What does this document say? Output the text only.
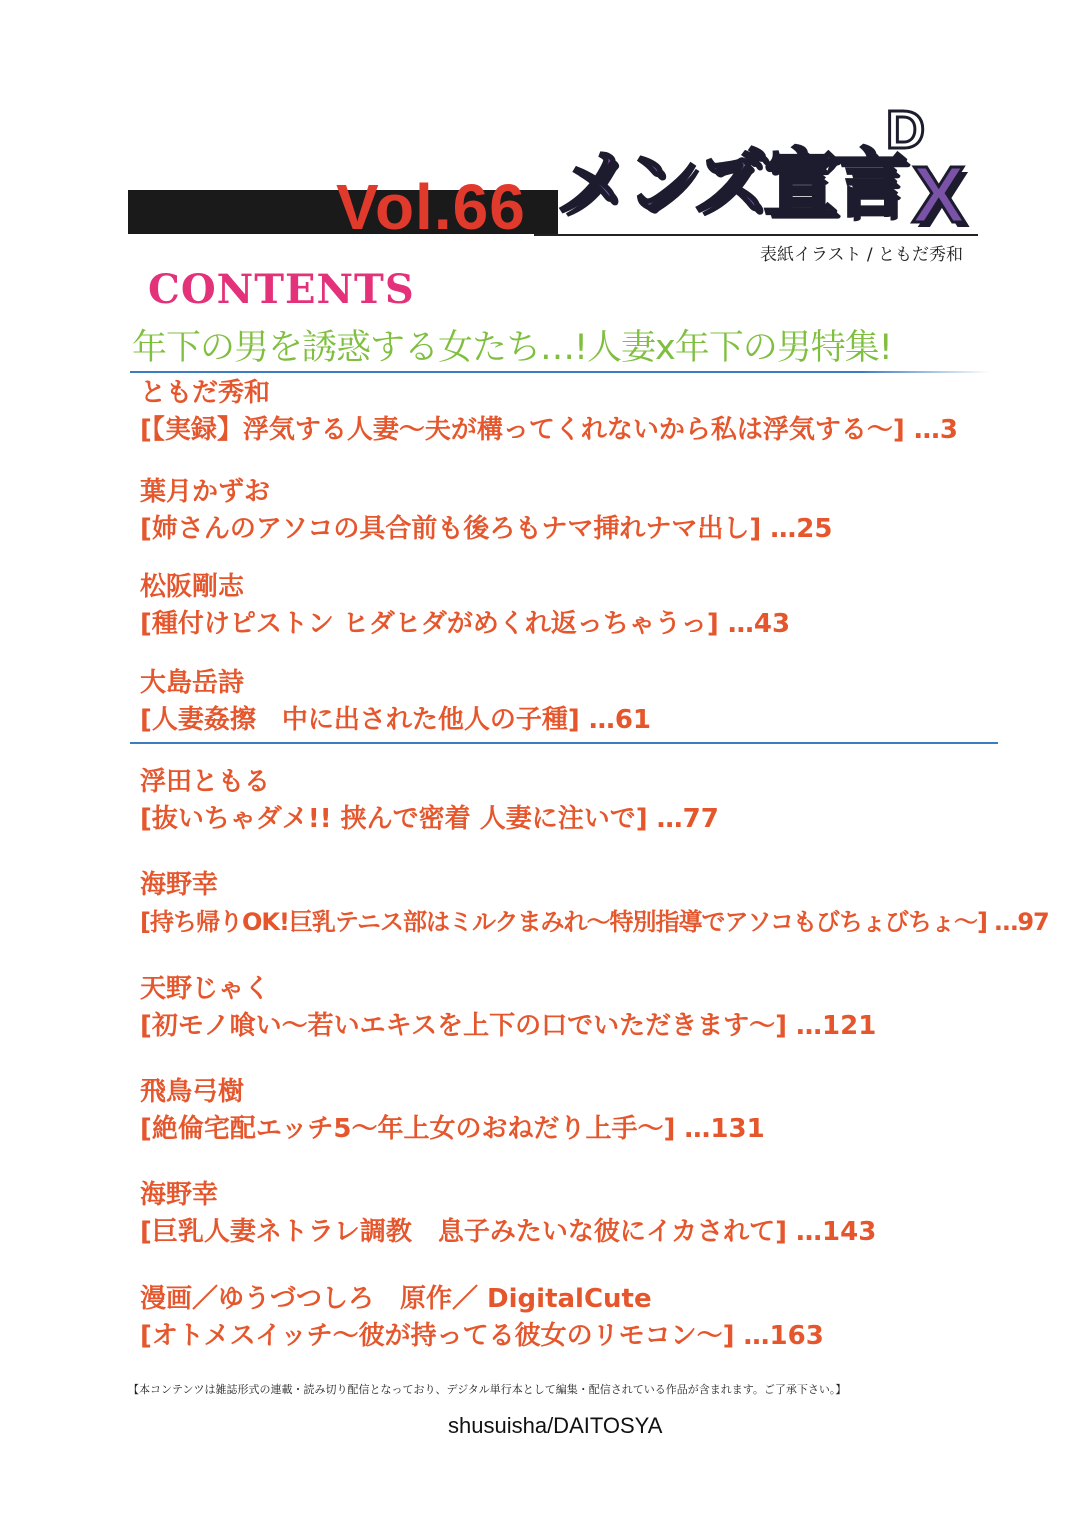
Vol.66 メンズ宣言
D
X
表紙イラスト / ともだ秀和
CONTENTS
年下の男を誘惑する女たち…!人妻x年下の男特集!
ともだ秀和
[【実録】浮気する人妻～夫が構ってくれないから私は浮気する～] …3
葉月かずお
[姉さんのアソコの具合前も後ろもナマ挿れナマ出し] …25
松阪剛志
[種付けピストン ヒダヒダがめくれ返っちゃうっ] …43
大島岳詩
[人妻姦擦　中に出された他人の子種] …61
浮田ともる
[抜いちゃダメ!! 挟んで密着 人妻に注いで] …77
海野幸
[持ち帰りOK!巨乳テニス部はミルクまみれ～特別指導でアソコもびちょびちょ～] …97
天野じゃく
[初モノ喰い～若いエキスを上下の口でいただきます～] …121
飛鳥弓樹
[絶倫宅配エッチ5～年上女のおねだり上手～] …131
海野幸
[巨乳人妻ネトラレ調教　息子みたいな彼にイカされて] …143
漫画／ゆうづつしろ　原作／ DigitalCute
[オトメスイッチ～彼が持ってる彼女のリモコン～] …163
【本コンテンツは雑誌形式の連載・読み切り配信となっており、デジタル単行本として編集・配信されている作品が含まれます。ご了承下さい。】
shusuisha/DAITOSYA
